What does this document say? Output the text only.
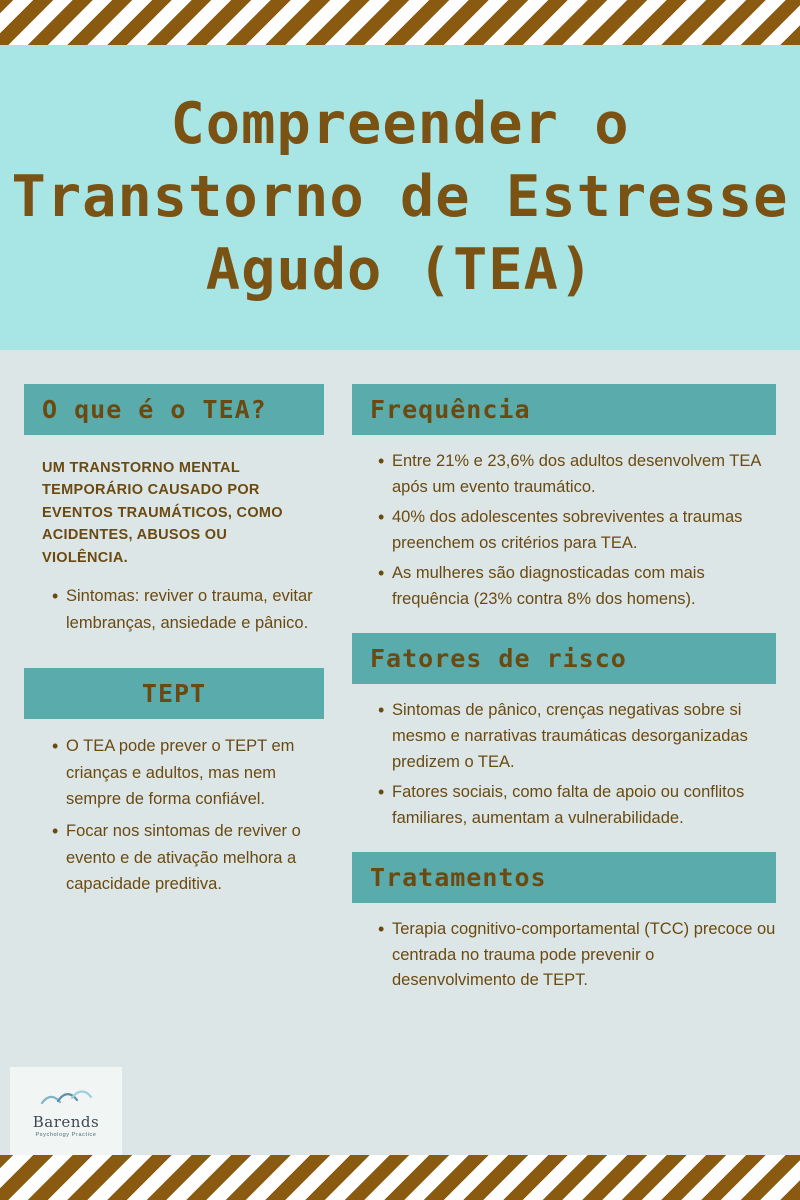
Compreender o Transtorno de Estresse Agudo (TEA)
O que é o TEA?
UM TRANSTORNO MENTAL TEMPORÁRIO CAUSADO POR EVENTOS TRAUMÁTICOS, COMO ACIDENTES, ABUSOS OU VIOLÊNCIA.
• Sintomas: reviver o trauma, evitar lembranças, ansiedade e pânico.
TEPT
• O TEA pode prever o TEPT em crianças e adultos, mas nem sempre de forma confiável.
• Focar nos sintomas de reviver o evento e de ativação melhora a capacidade preditiva.
Frequência
• Entre 21% e 23,6% dos adultos desenvolvem TEA após um evento traumático.
• 40% dos adolescentes sobreviventes a traumas preenchem os critérios para TEA.
• As mulheres são diagnosticadas com mais frequência (23% contra 8% dos homens).
Fatores de risco
• Sintomas de pânico, crenças negativas sobre si mesmo e narrativas traumáticas desorganizadas predizem o TEA.
• Fatores sociais, como falta de apoio ou conflitos familiares, aumentam a vulnerabilidade.
Tratamentos
• Terapia cognitivo-comportamental (TCC) precoce ou centrada no trauma pode prevenir o desenvolvimento de TEPT.
Barends
Psychology Practice
